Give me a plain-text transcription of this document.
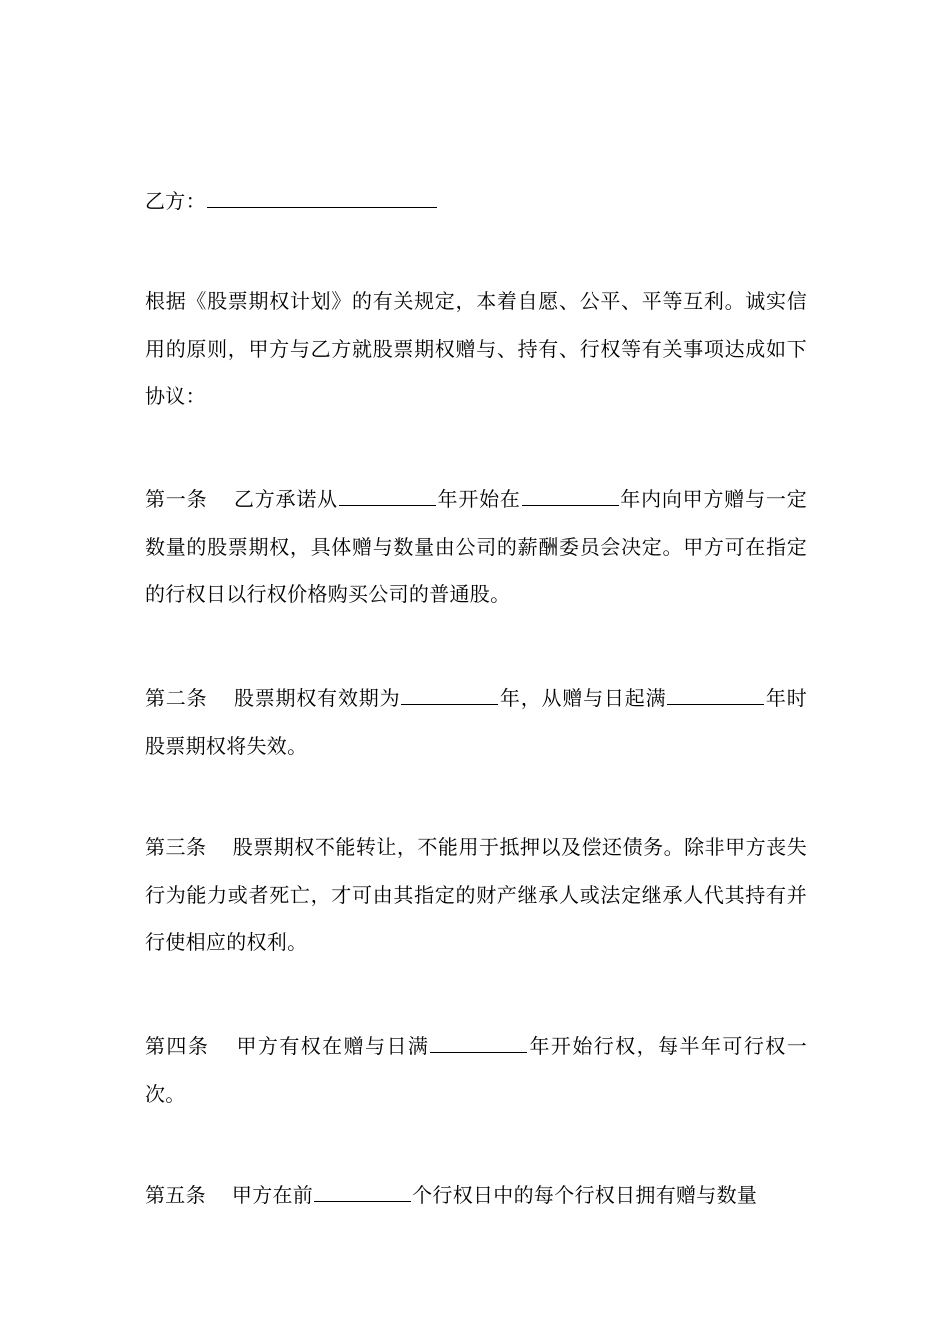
乙方：
根据《股票期权计划》的有关规定，本着自愿、公平、平等互利。诚实信用的原则，甲方与乙方就股票期权赠与、持有、行权等有关事项达成如下协议：
第一条 乙方承诺从	年开始在	年内向甲方赠与一定数量的股票期权，具体赠与数量由公司的薪酬委员会决定。甲方可在指定的行权日以行权价格购买公司的普通股。
第二条 股票期权有效期为	年，从赠与日起满	年时股票期权将失效。
第三条 股票期权不能转让，不能用于抵押以及偿还债务。除非甲方丧失行为能力或者死亡，才可由其指定的财产继承人或法定继承人代其持有并行使相应的权利。
第四条 甲方有权在赠与日满	年开始行权，每半年可行权一次。
第五条 甲方在前	个行权日中的每个行权日拥有赠与数量
